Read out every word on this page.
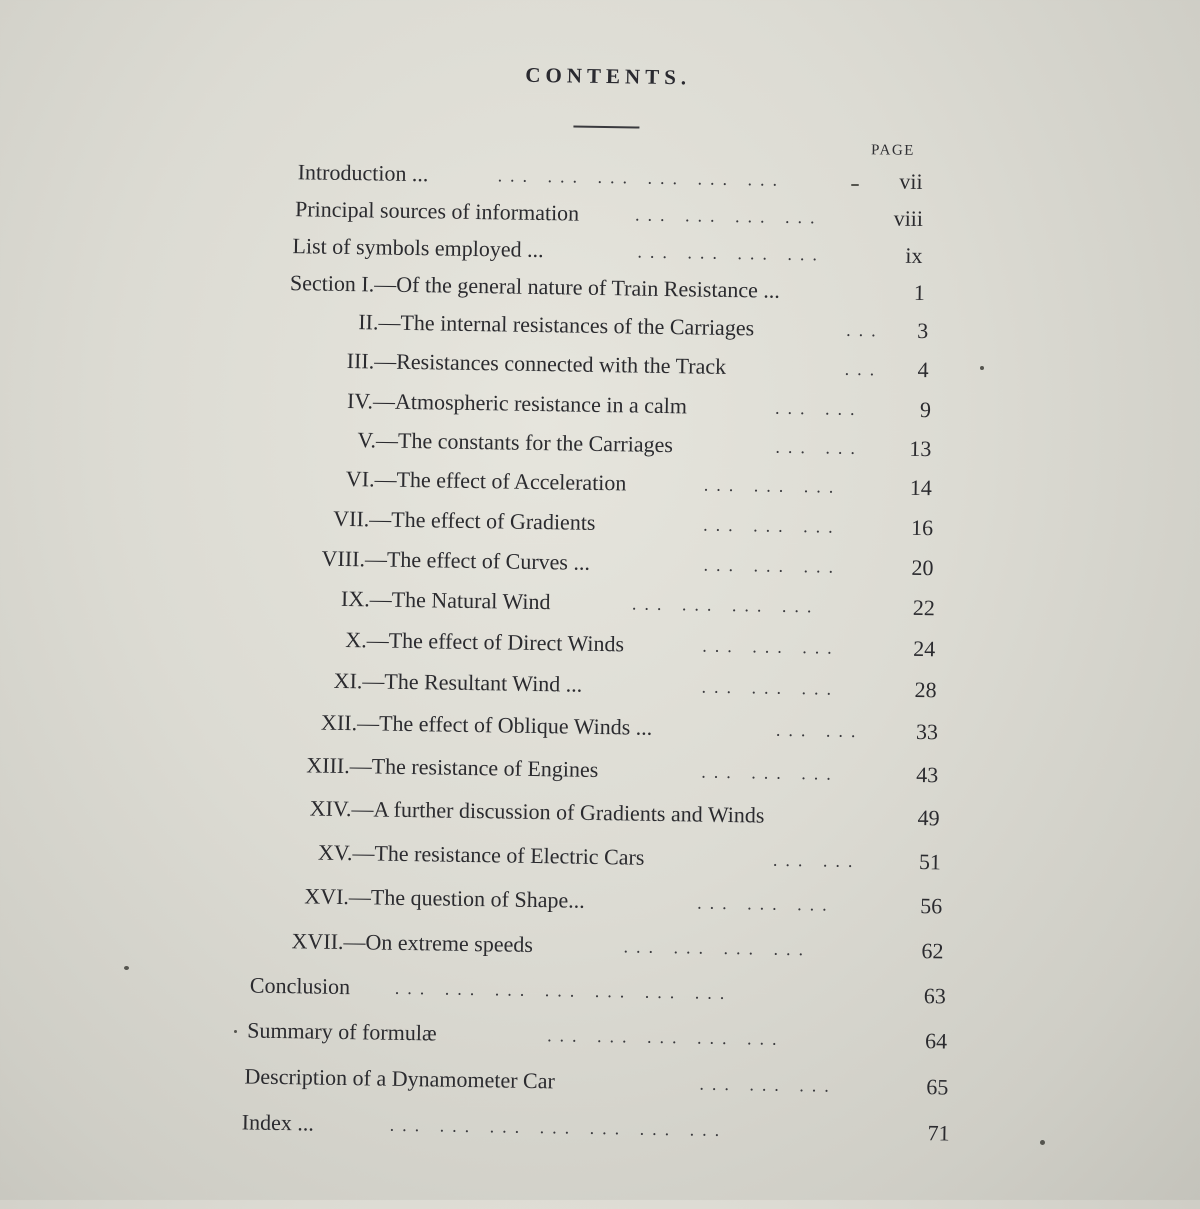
CONTENTS.
PAGE
Introduction ...	... ... ... ... ... ...	vii
Principal sources of information	... ... ... ...	viii
List of symbols employed ...	... ... ... ...	ix
Section I.—Of the general nature of Train Resistance ...	1
II.—The internal resistances of the Carriages	...	3
III.—Resistances connected with the Track	...	4
IV.—Atmospheric resistance in a calm	... ...	9
V.—The constants for the Carriages	... ...	13
VI.—The effect of Acceleration	... ... ...	14
VII.—The effect of Gradients	... ... ...	16
VIII.—The effect of Curves ...	... ... ...	20
IX.—The Natural Wind	... ... ... ...	22
X.—The effect of Direct Winds	... ... ...	24
XI.—The Resultant Wind ...	... ... ...	28
XII.—The effect of Oblique Winds ...	... ...	33
XIII.—The resistance of Engines	... ... ...	43
XIV.—A further discussion of Gradients and Winds	49
XV.—The resistance of Electric Cars	... ...	51
XVI.—The question of Shape...	... ... ...	56
XVII.—On extreme speeds	... ... ... ...	62
Conclusion ... ... ... ... ... ... ...	63
Summary of formulæ	... ... ... ... ...	64
Description of a Dynamometer Car	... ... ...	65
Index ...	... ... ... ... ... ... ...	71
